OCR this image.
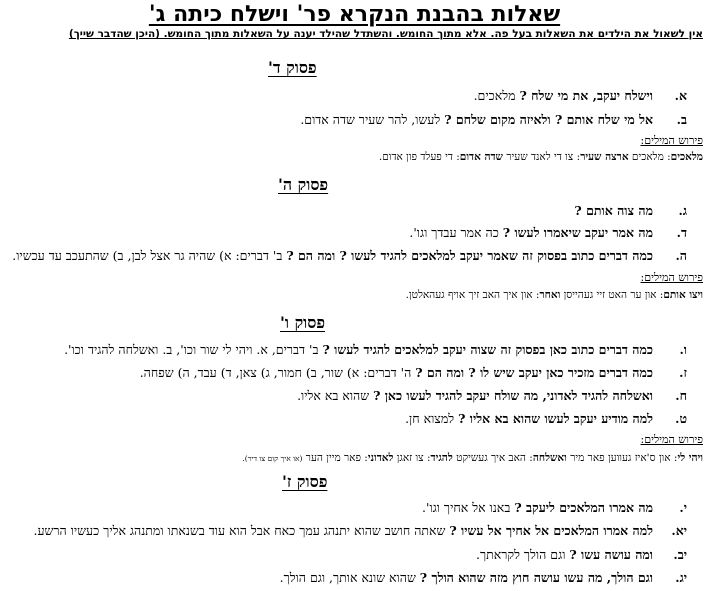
שאלות בהבנת הנקרא פר' וישלח כיתה ג'
אין לשאול את הילדים את השאלות בעל פה. אלא מתוך החומש. והשתדל שהילד יענה על השאלות מתוך החומש. (היכן שהדבר שייך)
פסוק ד'
א.וישלח יעקב, את מי שלח ? מלאכים.
ב.אל מי שלח אותם ? ולאיזה מקום שלחם ? לעשו, להר שעיר שדה אדום.
פירוש המילים:
מלאכים: מלאכים ארצה שעיר: צו די לאנד שעיר שדה אדום: די פעלד פון אדום.
פסוק ה'
ג.מה צוה אותם ?
ד.מה אמר יעקב שיאמרו לעשו ? כה אמר עבדך וגו'.
ה.כמה דברים כתוב בפסוק זה שאמר יעקב למלאכים להגיד לעשו ? ומה הם ? ב' דברים: א) שהיה גר אצל לבן, ב) שהתעכב עד עכשיו.
פירוש המילים:
ויצו אותם: און ער האט זיי געהייסן ואחר: און איך האב זיך אויף געהאלטן.
פסוק ו'
ו.כמה דברים כתוב כאן בפסוק זה שצוה יעקב למלאכים להגיד לעשו ? ב' דברים, א. ויהי לי שור וכו', ב. ואשלחה להגיד וכו'.
ז.כמה דברים מזכיר כאן יעקב שיש לו ? ומה הם ? ה' דברים: א) שור, ב) חמור, ג) צאן, ד) עבד, ה) שפחה.
ח.ואשלחה להגיד לאדוני, מה שולח יעקב להגיד לעשו כאן ? שהוא בא אליו.
ט.למה מודיע יעקב לעשו שהוא בא אליו ? למצוא חן.
פירוש המילים:
ויהי לי: און ס'איז געווען פאר מיר ואשלחה: האב איך געשיקט להגיד: צו זאגן לאדוני: פאר מיין הער (או איך קום צו דיר).
פסוק ז'
י.מה אמרו המלאכים ליעקב ? באנו אל אחיך וגו'.
יא.למה אמרו המלאכים אל אחיך אל עשיו ? שאתה חושב שהוא יתנהג עמך כאח אבל הוא עוד בשנאתו ומתנהג אליך כעשיו הרשע.
יב.ומה עושה עשו ? וגם הולך לקראתך.
יג.וגם הולך, מה עשו עושה חוץ מזה שהוא הולך ? שהוא שונא אותך, וגם הולך.
